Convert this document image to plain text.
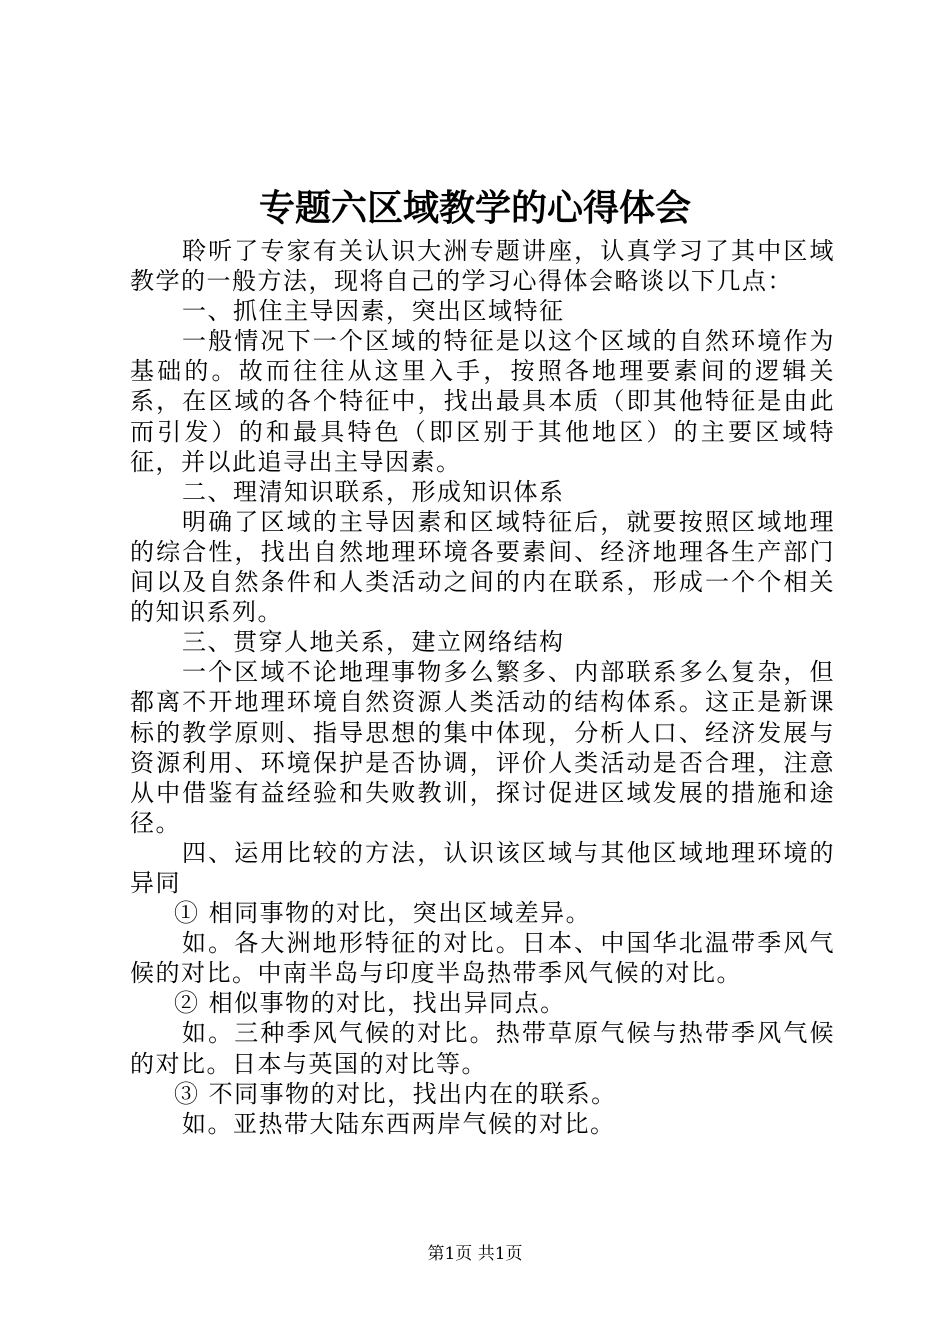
专题六区域教学的心得体会

聆听了专家有关认识大洲专题讲座，认真学习了其中区域教学的一般方法，现将自己的学习心得体会略谈以下几点：

一、抓住主导因素，突出区域特征

一般情况下一个区域的特征是以这个区域的自然环境作为基础的。故而往往从这里入手，按照各地理要素间的逻辑关系，在区域的各个特征中，找出最具本质（即其他特征是由此而引发）的和最具特色（即区别于其他地区）的主要区域特征，并以此追寻出主导因素。

二、理清知识联系，形成知识体系

明确了区域的主导因素和区域特征后，就要按照区域地理的综合性，找出自然地理环境各要素间、经济地理各生产部门间以及自然条件和人类活动之间的内在联系，形成一个个相关的知识系列。

三、贯穿人地关系，建立网络结构

一个区域不论地理事物多么繁多、内部联系多么复杂，但都离不开地理环境自然资源人类活动的结构体系。这正是新课标的教学原则、指导思想的集中体现，分析人口、经济发展与资源利用、环境保护是否协调，评价人类活动是否合理，注意从中借鉴有益经验和失败教训，探讨促进区域发展的措施和途径。

四、运用比较的方法，认识该区域与其他区域地理环境的异同

① 相同事物的对比，突出区域差异。

如。各大洲地形特征的对比。日本、中国华北温带季风气候的对比。中南半岛与印度半岛热带季风气候的对比。

② 相似事物的对比，找出异同点。

如。三种季风气候的对比。热带草原气候与热带季风气候的对比。日本与英国的对比等。

③ 不同事物的对比，找出内在的联系。

如。亚热带大陆东西两岸气候的对比。

第1页 共1页
